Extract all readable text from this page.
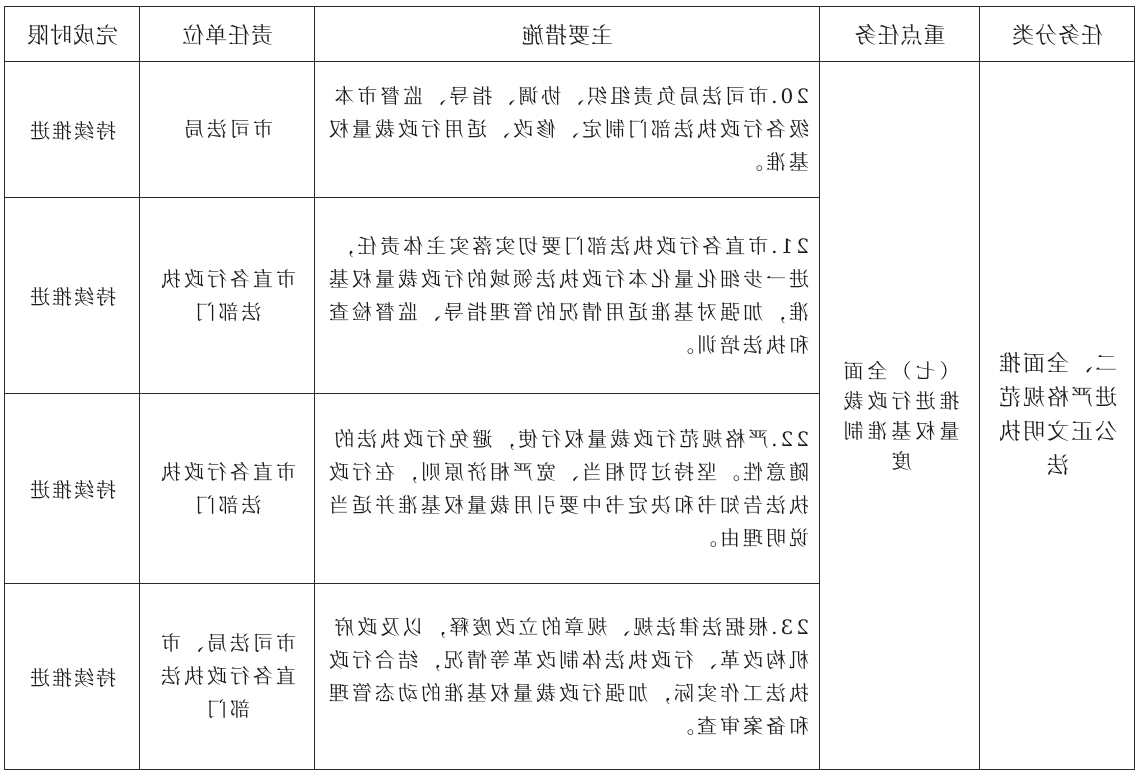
任务分类	重点任务	主要措施	责任单位	完成时限
二、全面推进严格规范公正文明执法	（七）全面推进行政裁量权基准制度	20.市司法局负责组织、协调、指导、监督市本级各行政执法部门制定、修改、适用行政裁量权基准。	市司法局	持续推进
		21.市直各行政执法部门要切实落实主体责任，进一步细化量化本行政执法领域的行政裁量权基准，加强对基准适用情况的管理指导、监督检查和执法培训。	市直各行政执法部门	持续推进
		22.严格规范行政裁量权行使，避免行政执法的随意性。坚持过罚相当、宽严相济原则，在行政执法告知书和决定书中要引用裁量权基准并适当说明理由。	市直各行政执法部门	持续推进
		23.根据法律法规、规章的立改废释，以及政府机构改革、行政执法体制改革等情况，结合行政执法工作实际，加强行政裁量权基准的动态管理和备案审查。	市司法局、市直各行政执法部门	持续推进
